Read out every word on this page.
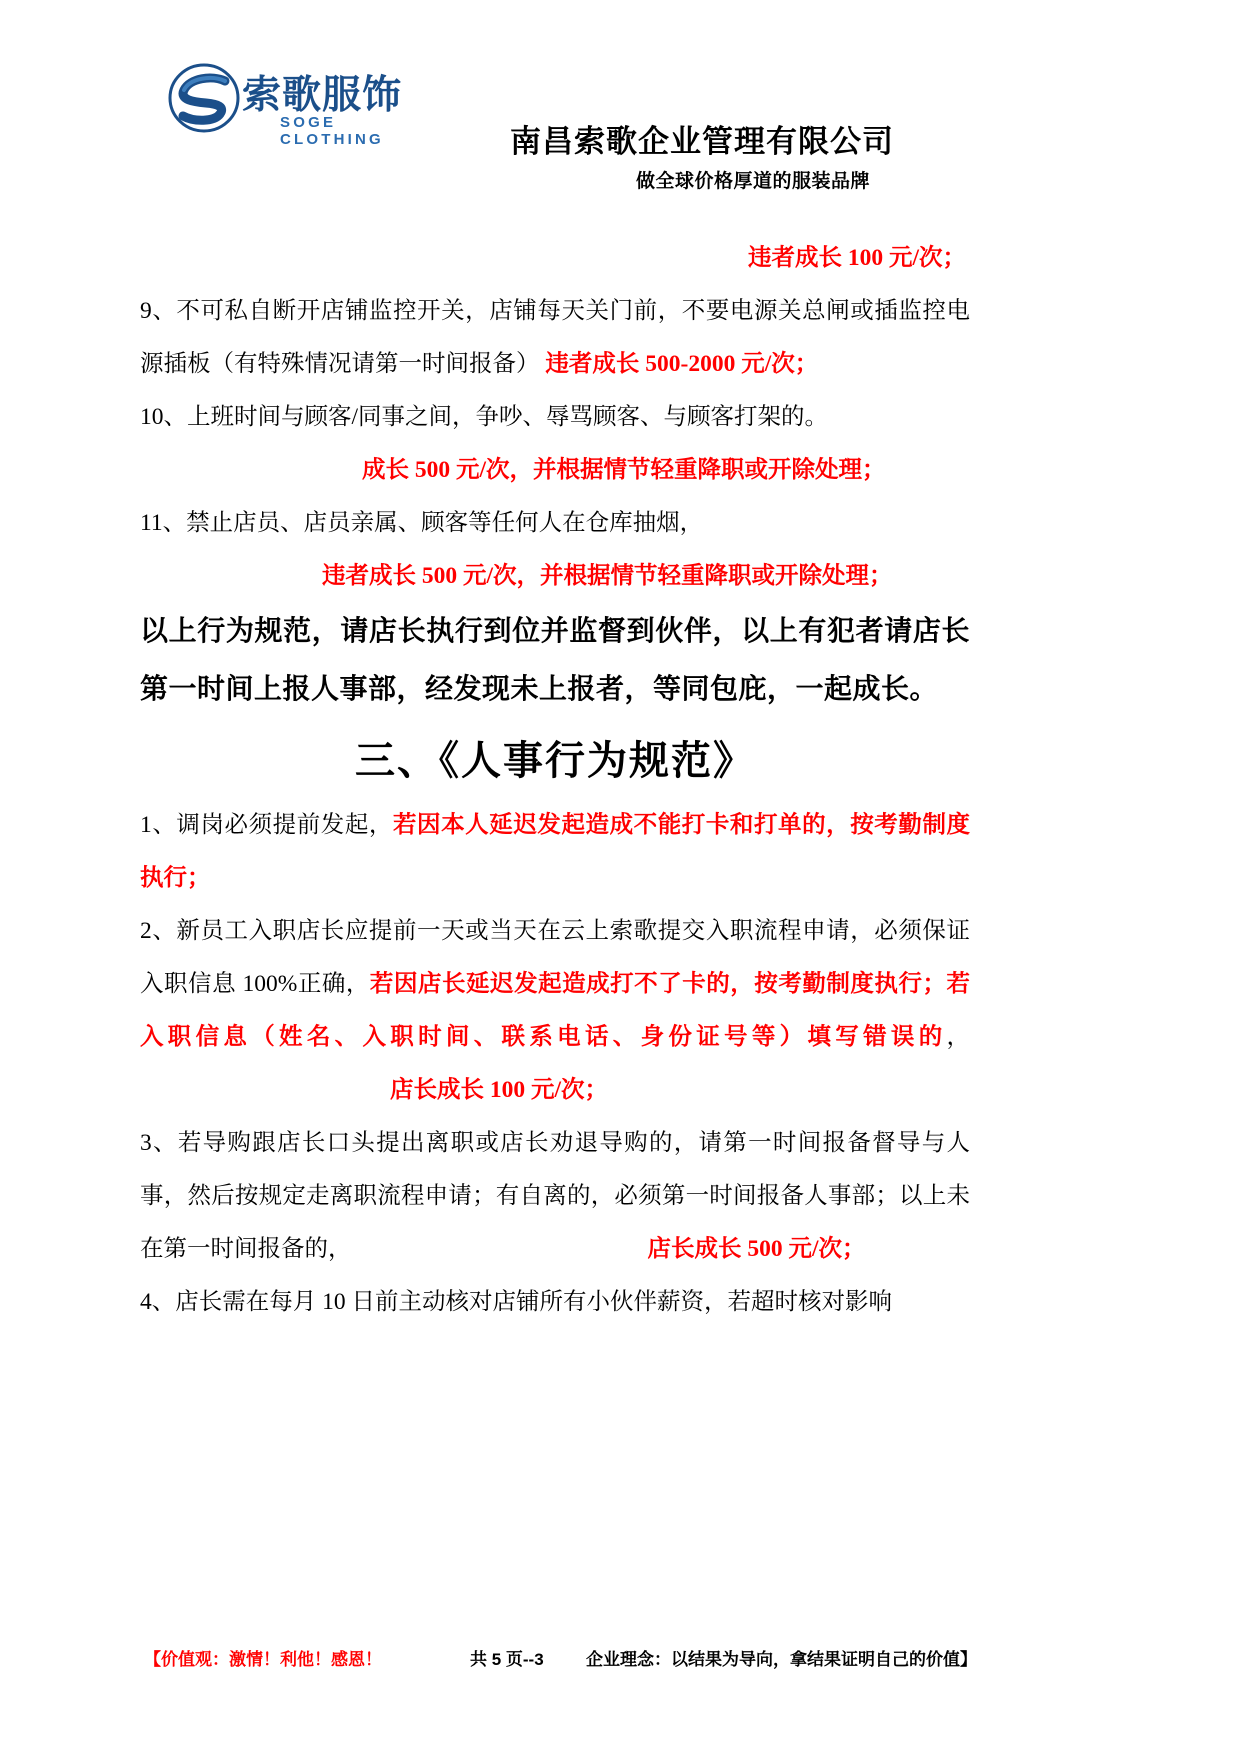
索歌服饰
SOGE CLOTHING	南昌索歌企业管理有限公司
做全球价格厚道的服装品牌

违者成长 100 元/次；

9、不可私自断开店铺监控开关，店铺每天关门前，不要电源关总闸或插监控电源插板（有特殊情况请第一时间报备） 违者成长 500-2000 元/次；

10、上班时间与顾客/同事之间，争吵、辱骂顾客、与顾客打架的。

成长 500 元/次，并根据情节轻重降职或开除处理；

11、禁止店员、店员亲属、顾客等任何人在仓库抽烟，

违者成长 500 元/次，并根据情节轻重降职或开除处理；

以上行为规范，请店长执行到位并监督到伙伴，以上有犯者请店长第一时间上报人事部，经发现未上报者，等同包庇，一起成长。

三、《人事行为规范》

1、调岗必须提前发起，若因本人延迟发起造成不能打卡和打单的，按考勤制度执行；

2、新员工入职店长应提前一天或当天在云上索歌提交入职流程申请，必须保证入职信息 100%正确，若因店长延迟发起造成打不了卡的，按考勤制度执行；若入职信息（姓名、入职时间、联系电话、身份证号等）填写错误的，店长成长 100 元/次；

3、若导购跟店长口头提出离职或店长劝退导购的，请第一时间报备督导与人事，然后按规定走离职流程申请；有自离的，必须第一时间报备人事部；以上未在第一时间报备的，	店长成长 500 元/次；

4、店长需在每月 10 日前主动核对店铺所有小伙伴薪资，若超时核对影响

【价值观：激情！利他！感恩！	共 5 页--3 企业理念：以结果为导向，拿结果证明自己的价值】
